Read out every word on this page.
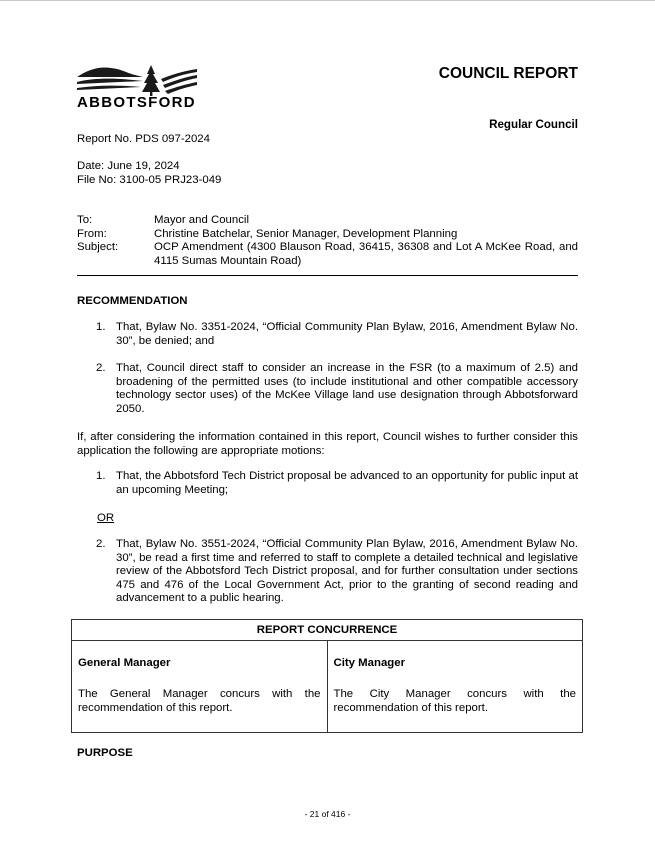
ABBOTSFORD
COUNCIL REPORT
Regular Council
Report No. PDS 097-2024
Date: June 19, 2024
File No: 3100-05 PRJ23-049
To:	Mayor and Council
From:	Christine Batchelar, Senior Manager, Development Planning
Subject:	OCP Amendment (4300 Blauson Road, 36415, 36308 and Lot A McKee Road, and 4115 Sumas Mountain Road)
RECOMMENDATION
1. That, Bylaw No. 3351-2024, “Official Community Plan Bylaw, 2016, Amendment Bylaw No. 30”, be denied; and
2. That, Council direct staff to consider an increase in the FSR (to a maximum of 2.5) and broadening of the permitted uses (to include institutional and other compatible accessory technology sector uses) of the McKee Village land use designation through Abbotsforward 2050.
If, after considering the information contained in this report, Council wishes to further consider this application the following are appropriate motions:
1. That, the Abbotsford Tech District proposal be advanced to an opportunity for public input at an upcoming Meeting;
OR
2. That, Bylaw No. 3551-2024, “Official Community Plan Bylaw, 2016, Amendment Bylaw No. 30”, be read a first time and referred to staff to complete a detailed technical and legislative review of the Abbotsford Tech District proposal, and for further consultation under sections 475 and 476 of the Local Government Act, prior to the granting of second reading and advancement to a public hearing.
REPORT CONCURRENCE

General Manager
The General Manager concurs with the recommendation of this report.

City Manager
The City Manager concurs with the recommendation of this report.
PURPOSE
- 21 of 416 -
